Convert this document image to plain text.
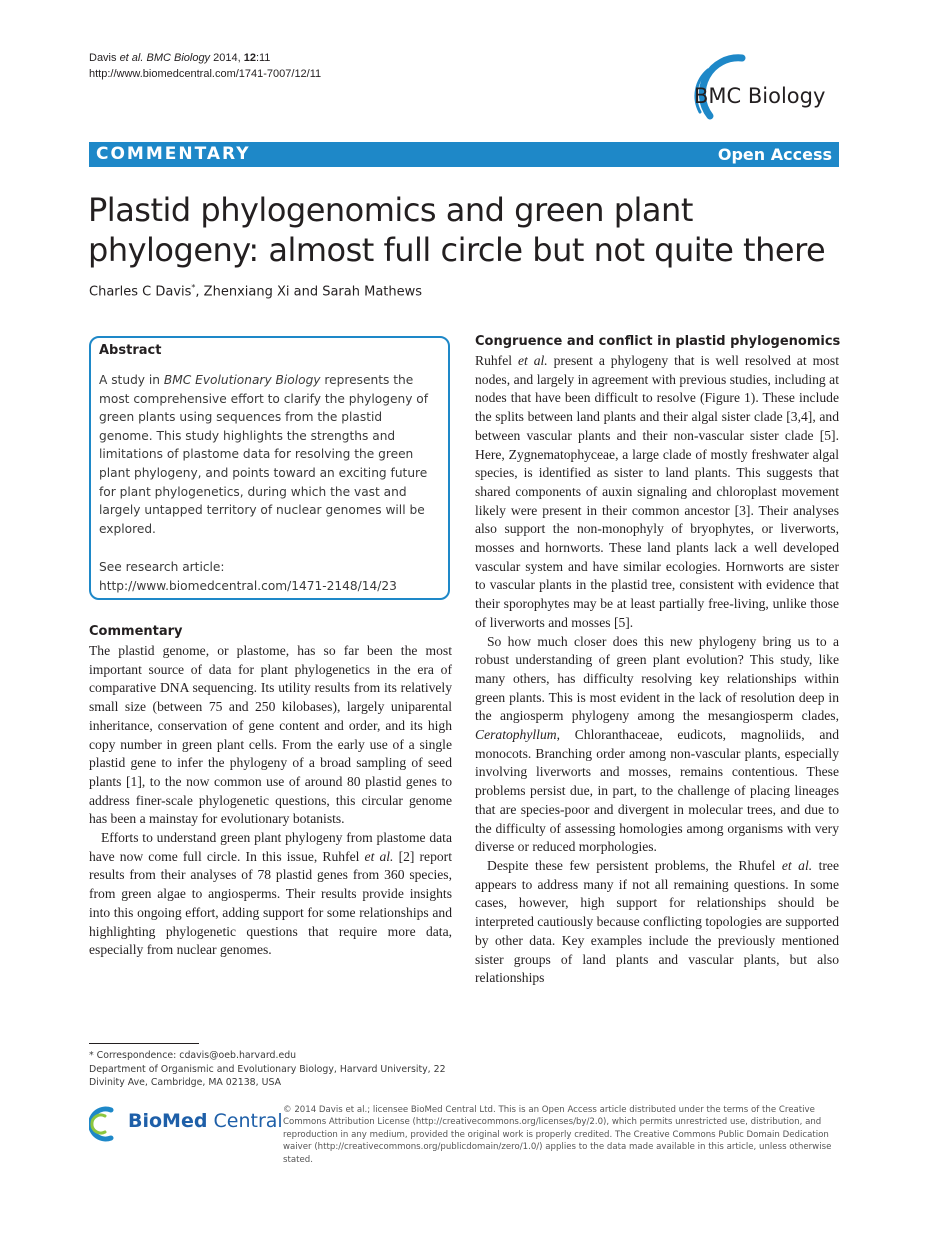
Davis et al. BMC Biology 2014, 12:11
http://www.biomedcentral.com/1741-7007/12/11
BMC Biology
COMMENTARY	Open Access
Plastid phylogenomics and green plant
phylogeny: almost full circle but not quite there
Charles C Davis*, Zhenxiang Xi and Sarah Mathews
Abstract
A study in BMC Evolutionary Biology represents the most comprehensive effort to clarify the phylogeny of green plants using sequences from the plastid genome. This study highlights the strengths and limitations of plastome data for resolving the green plant phylogeny, and points toward an exciting future for plant phylogenetics, during which the vast and largely untapped territory of nuclear genomes will be explored.
See research article:
http://www.biomedcentral.com/1471-2148/14/23
Commentary

The plastid genome, or plastome, has so far been the most important source of data for plant phylogenetics in the era of comparative DNA sequencing. Its utility results from its relatively small size (between 75 and 250 kilobases), largely uniparental inheritance, conservation of gene content and order, and its high copy number in green plant cells. From the early use of a single plastid gene to infer the phylogeny of a broad sampling of seed plants [1], to the now common use of around 80 plastid genes to address finer-scale phylogenetic questions, this circular genome has been a mainstay for evolutionary botanists.

Efforts to understand green plant phylogeny from plastome data have now come full circle. In this issue, Ruhfel et al. [2] report results from their analyses of 78 plastid genes from 360 species, from green algae to angiosperms. Their results provide insights into this ongoing effort, adding support for some relationships and highlighting phylogenetic questions that require more data, especially from nuclear genomes.

Congruence and conflict in plastid phylogenomics

Ruhfel et al. present a phylogeny that is well resolved at most nodes, and largely in agreement with previous studies, including at nodes that have been difficult to resolve (Figure 1). These include the splits between land plants and their algal sister clade [3,4], and between vascular plants and their non-vascular sister clade [5]. Here, Zygnematophyceae, a large clade of mostly freshwater algal species, is identified as sister to land plants. This suggests that shared components of auxin signaling and chloroplast movement likely were present in their common ancestor [3]. Their analyses also support the non-monophyly of bryophytes, or liverworts, mosses and hornworts. These land plants lack a well developed vascular system and have similar ecologies. Hornworts are sister to vascular plants in the plastid tree, consistent with evidence that their sporophytes may be at least partially free-living, unlike those of liverworts and mosses [5].

So how much closer does this new phylogeny bring us to a robust understanding of green plant evolution? This study, like many others, has difficulty resolving key relationships within green plants. This is most evident in the lack of resolution deep in the angiosperm phylogeny among the mesangiosperm clades, Ceratophyllum, Chloranthaceae, eudicots, magnoliids, and monocots. Branching order among non-vascular plants, especially involving liverworts and mosses, remains contentious. These problems persist due, in part, to the challenge of placing lineages that are species-poor and divergent in molecular trees, and due to the difficulty of assessing homologies among organisms with very diverse or reduced morphologies.

Despite these few persistent problems, the Rhufel et al. tree appears to address many if not all remaining questions. In some cases, however, high support for relationships should be interpreted cautiously because conflicting topologies are supported by other data. Key examples include the previously mentioned sister groups of land plants and vascular plants, but also relationships

* Correspondence: cdavis@oeb.harvard.edu
Department of Organismic and Evolutionary Biology, Harvard University, 22 Divinity Ave, Cambridge, MA 02138, USA
BioMed Central © 2014 Davis et al.; licensee BioMed Central Ltd. This is an Open Access article distributed under the terms of the Creative Commons Attribution License (http://creativecommons.org/licenses/by/2.0), which permits unrestricted use, distribution, and reproduction in any medium, provided the original work is properly credited. The Creative Commons Public Domain Dedication waiver (http://creativecommons.org/publicdomain/zero/1.0/) applies to the data made available in this article, unless otherwise stated.
